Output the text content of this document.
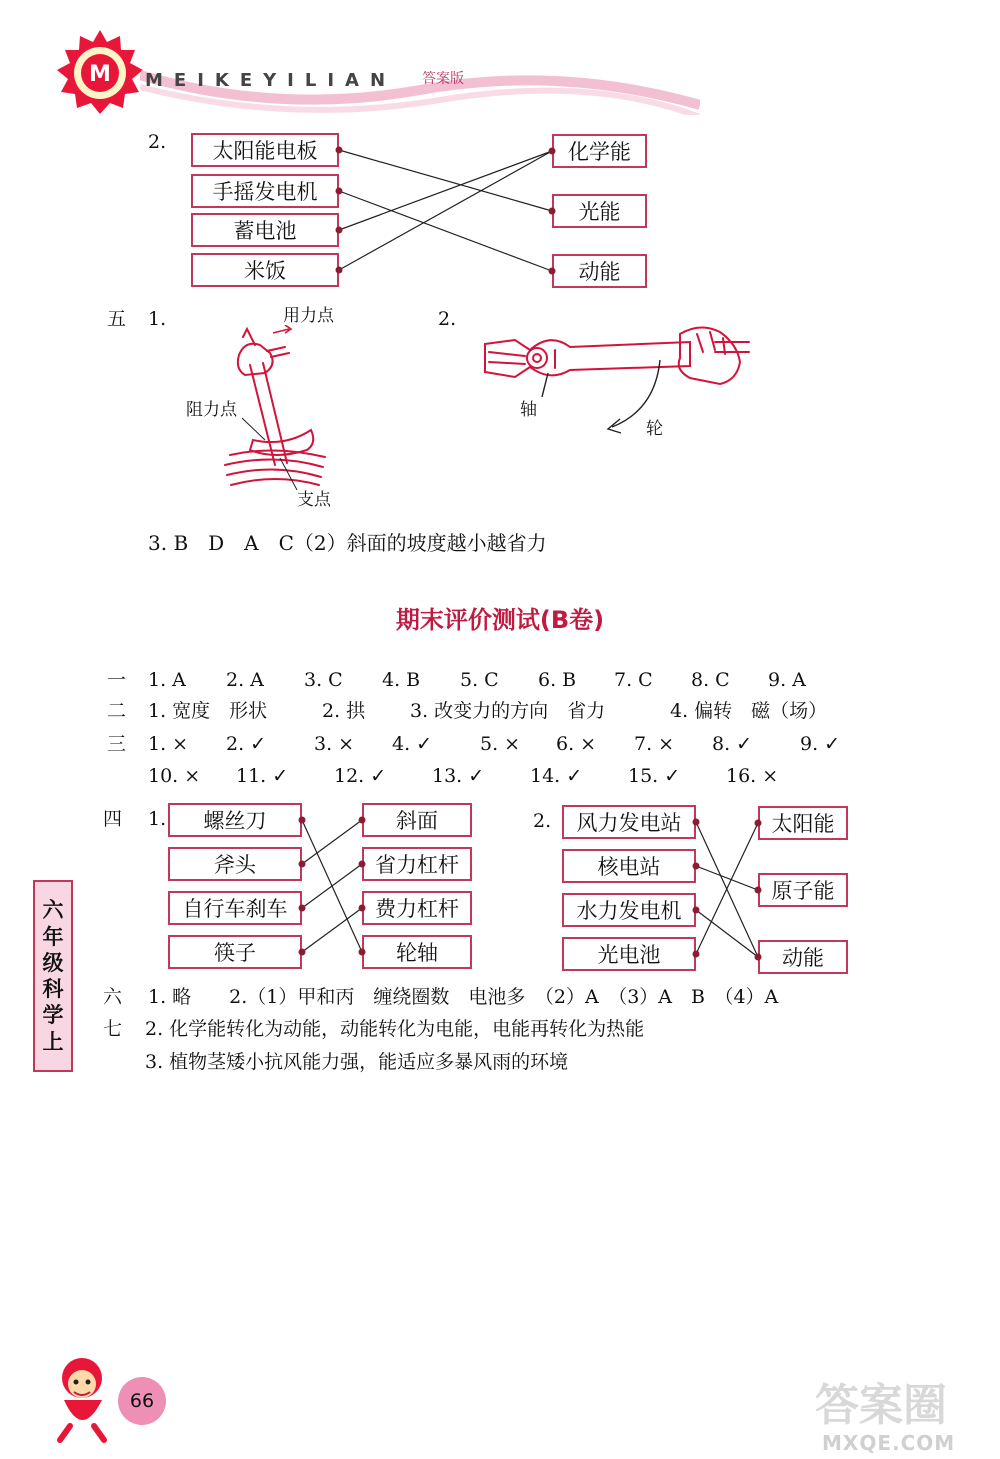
M MEIKEYILIAN 答案版
2.	太阳能电板
手摇发电机
蓄电池
米饭
化学能
光能
动能
五 1.	2.
用力点
阻力点
支点
轴
轮
3. B　D　A　C（2）斜面的坡度越小越省力
期末评价测试(B卷)
一 1. A 2. A 3. C 4. B 5. C 6. B 7. C 8. C 9. A
二 1. 宽度　形状	2. 拱 3. 改变力的方向　省力	4. 偏转　磁（场）
三 1. × 2. ✓	3. × 4. ✓	5. × 6. × 7. × 8. ✓	9. ✓
10. × 11. ✓ 12. ✓ 13. ✓ 14. ✓ 15. ✓ 16. ×
四 1.	螺丝刀
斧头
自行车刹车
筷子
斜面
省力杠杆
费力杠杆
轮轴
2.	风力发电站
核电站
水力发电机
光电池
太阳能
原子能
动能
六 1. 略　　2.（1）甲和丙　缠绕圈数　电池多　（2）A　（3）A　B　（4）A
七 2. 化学能转化为动能，动能转化为电能，电能再转化为热能
3. 植物茎矮小抗风能力强，能适应多暴风雨的环境
六
年
级
科
学
上
66	答案圈
MXQE.COM
